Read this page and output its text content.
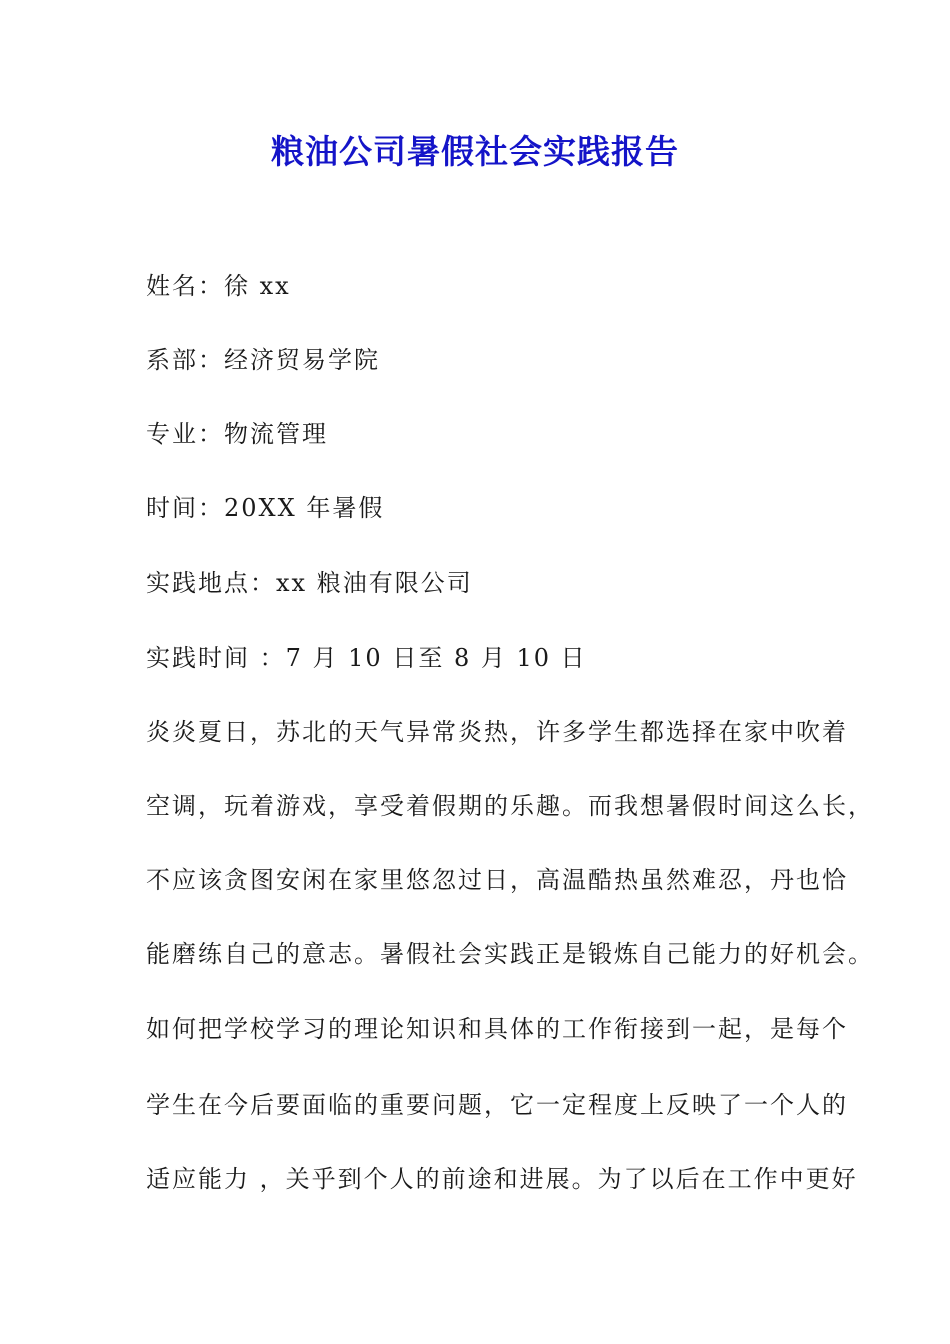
粮油公司暑假社会实践报告
姓名：徐 xx
系部：经济贸易学院
专业：物流管理
时间：20XX 年暑假
实践地点：xx 粮油有限公司
实践时间 ：7 月 10 日至 8 月 10 日
炎炎夏日，苏北的天气异常炎热，许多学生都选择在家中吹着
空调，玩着游戏，享受着假期的乐趣。而我想暑假时间这么长，
不应该贪图安闲在家里悠忽过日，高温酷热虽然难忍，丹也恰
能磨练自己的意志。暑假社会实践正是锻炼自己能力的好机会。
如何把学校学习的理论知识和具体的工作衔接到一起，是每个
学生在今后要面临的重要问题，它一定程度上反映了一个人的
适应能力 ，关乎到个人的前途和进展。为了以后在工作中更好
